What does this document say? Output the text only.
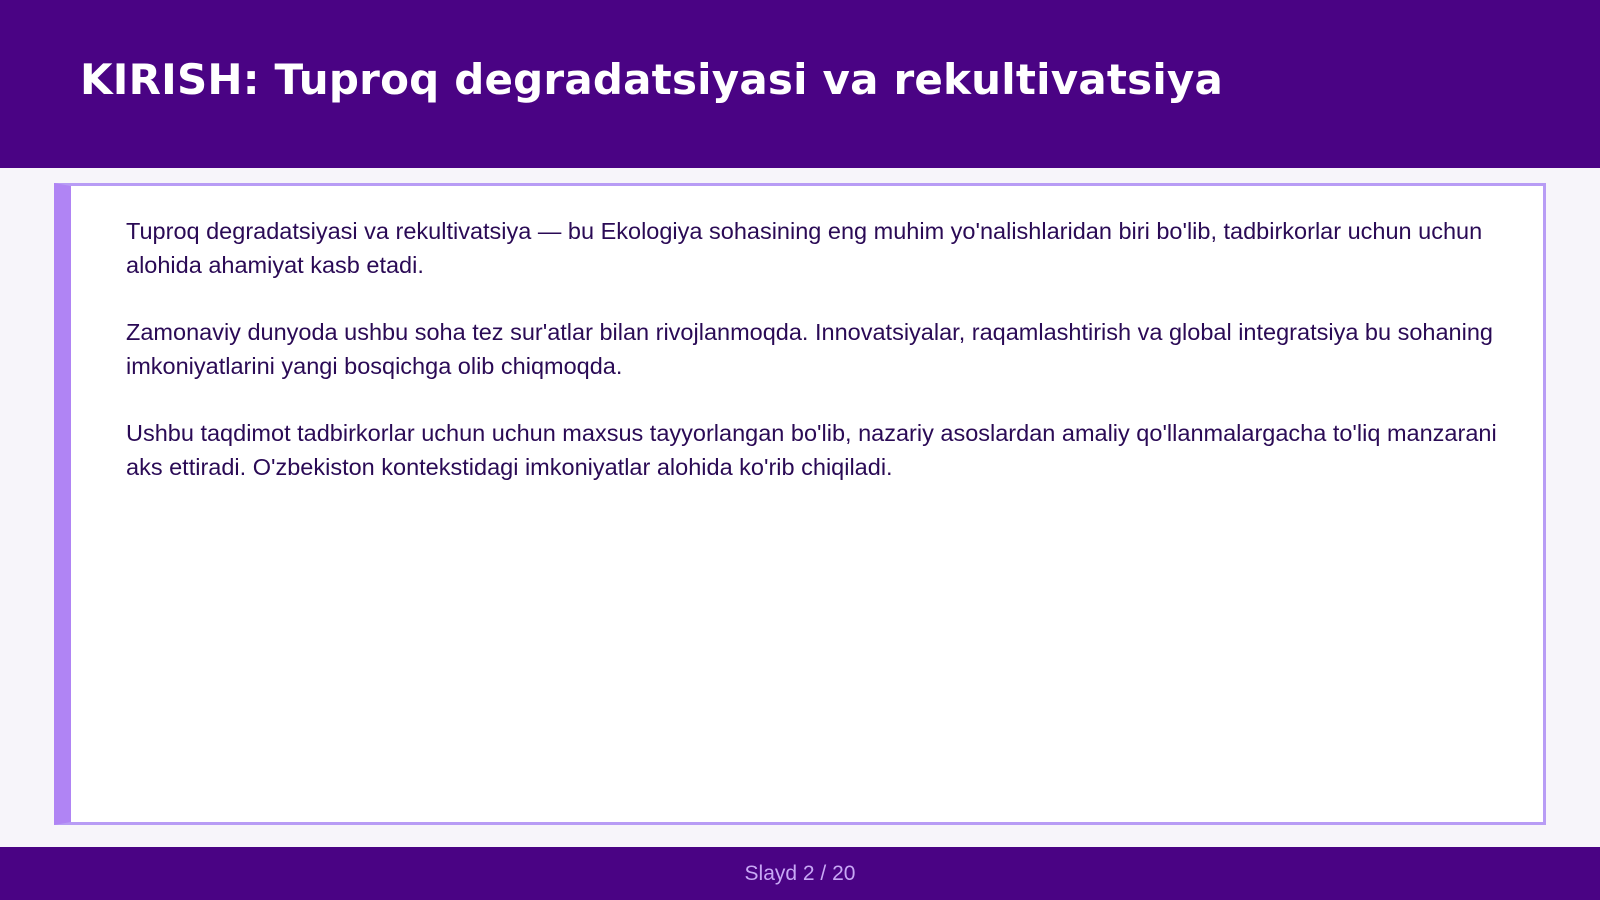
KIRISH: Tuproq degradatsiyasi va rekultivatsiya

Tuproq degradatsiyasi va rekultivatsiya — bu Ekologiya sohasining eng muhim yo'nalishlaridan biri bo'lib, tadbirkorlar uchun uchun alohida ahamiyat kasb etadi.

Zamonaviy dunyoda ushbu soha tez sur'atlar bilan rivojlanmoqda. Innovatsiyalar, raqamlashtirish va global integratsiya bu sohaning imkoniyatlarini yangi bosqichga olib chiqmoqda.

Ushbu taqdimot tadbirkorlar uchun uchun maxsus tayyorlangan bo'lib, nazariy asoslardan amaliy qo'llanmalargacha to'liq manzarani aks ettiradi. O'zbekiston kontekstidagi imkoniyatlar alohida ko'rib chiqiladi.

Slayd 2 / 20
